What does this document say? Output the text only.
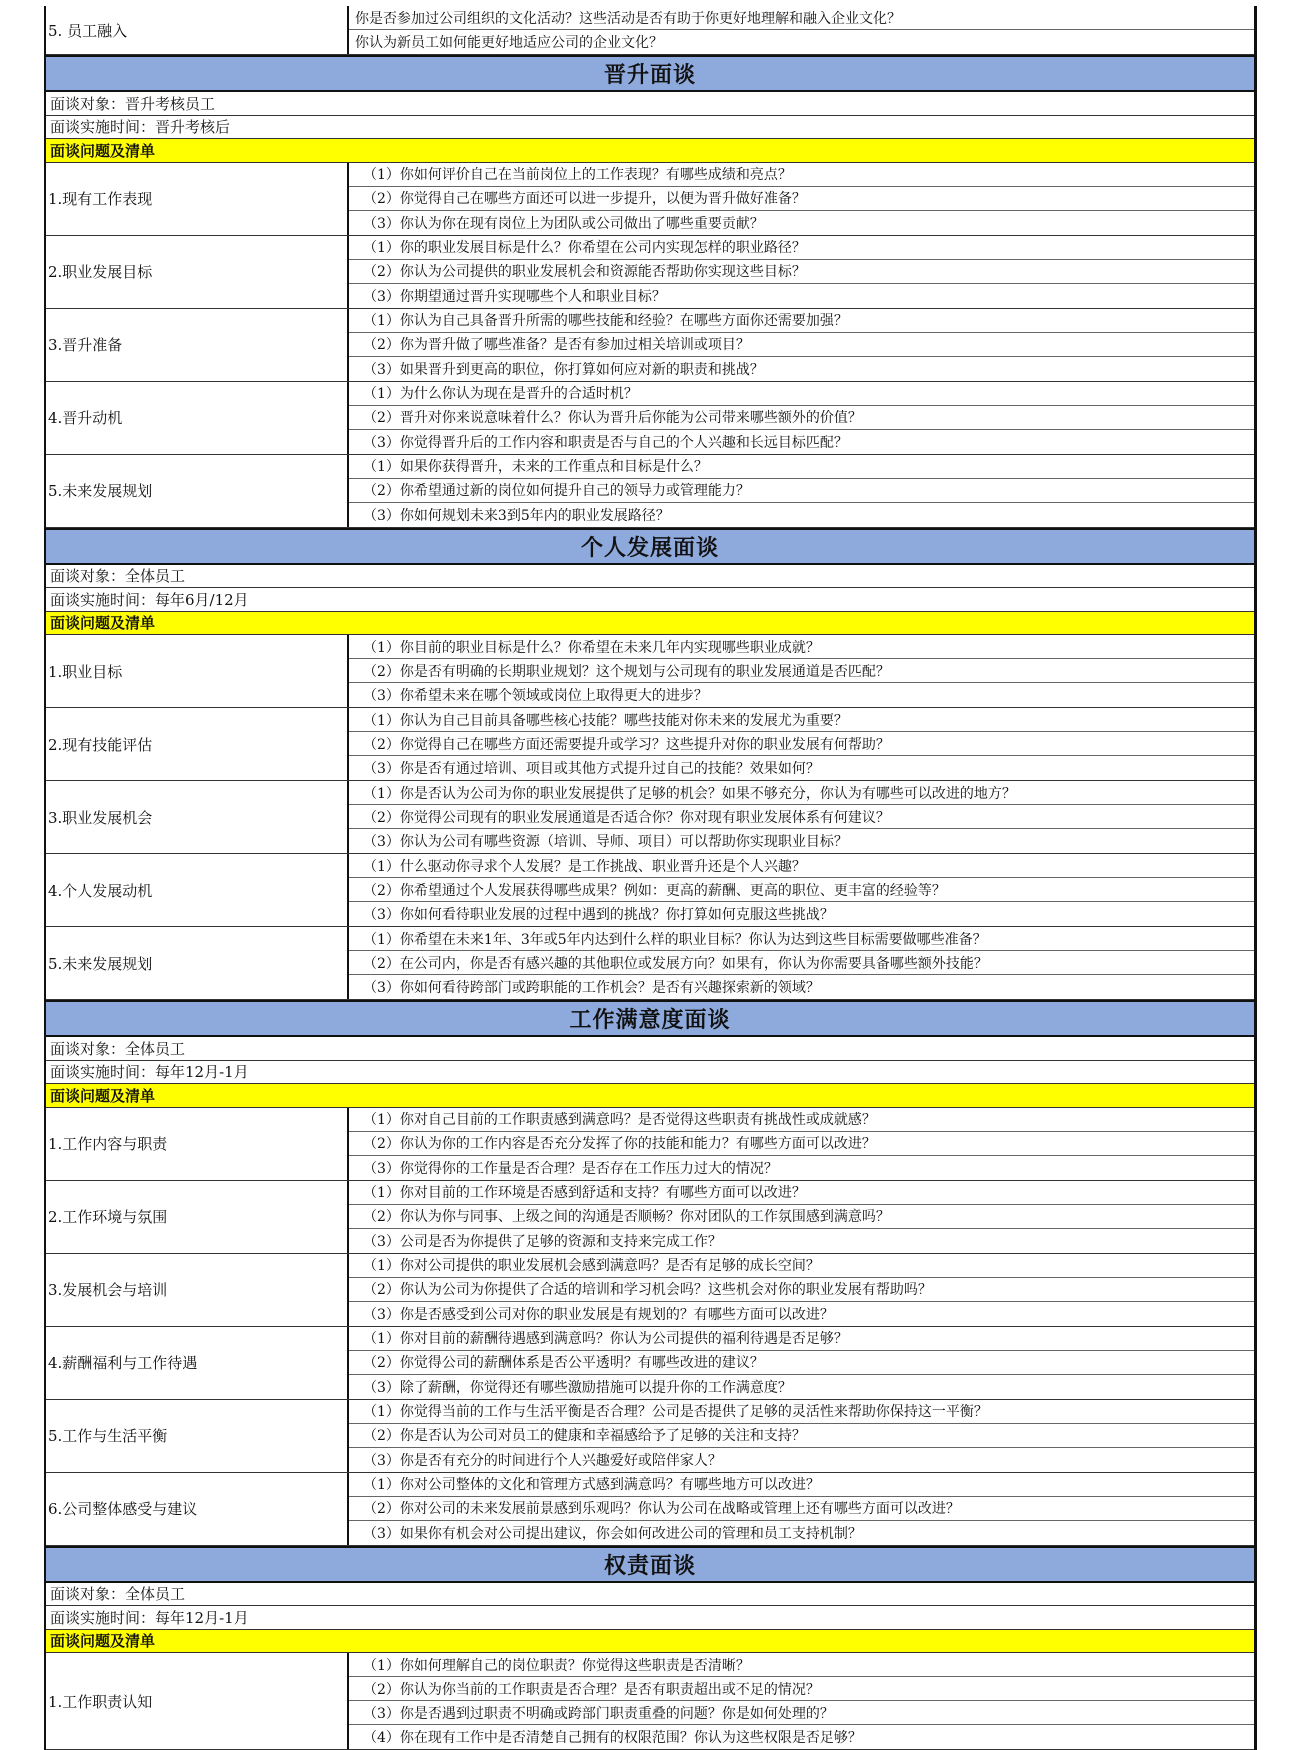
5. 员工融入
你是否参加过公司组织的文化活动？这些活动是否有助于你更好地理解和融入企业文化？
你认为新员工如何能更好地适应公司的企业文化？
晋升面谈
面谈对象：晋升考核员工
面谈实施时间：晋升考核后
面谈问题及清单
1.现有工作表现
（1）你如何评价自己在当前岗位上的工作表现？有哪些成绩和亮点？
（2）你觉得自己在哪些方面还可以进一步提升，以便为晋升做好准备？
（3）你认为你在现有岗位上为团队或公司做出了哪些重要贡献？
2.职业发展目标
（1）你的职业发展目标是什么？你希望在公司内实现怎样的职业路径？
（2）你认为公司提供的职业发展机会和资源能否帮助你实现这些目标？
（3）你期望通过晋升实现哪些个人和职业目标？
3.晋升准备
（1）你认为自己具备晋升所需的哪些技能和经验？在哪些方面你还需要加强？
（2）你为晋升做了哪些准备？是否有参加过相关培训或项目？
（3）如果晋升到更高的职位，你打算如何应对新的职责和挑战？
4.晋升动机
（1）为什么你认为现在是晋升的合适时机？
（2）晋升对你来说意味着什么？你认为晋升后你能为公司带来哪些额外的价值？
（3）你觉得晋升后的工作内容和职责是否与自己的个人兴趣和长远目标匹配？
5.未来发展规划
（1）如果你获得晋升，未来的工作重点和目标是什么？
（2）你希望通过新的岗位如何提升自己的领导力或管理能力？
（3）你如何规划未来3到5年内的职业发展路径？
个人发展面谈
面谈对象：全体员工
面谈实施时间：每年6月/12月
面谈问题及清单
1.职业目标
（1）你目前的职业目标是什么？你希望在未来几年内实现哪些职业成就？
（2）你是否有明确的长期职业规划？这个规划与公司现有的职业发展通道是否匹配？
（3）你希望未来在哪个领域或岗位上取得更大的进步？
2.现有技能评估
（1）你认为自己目前具备哪些核心技能？哪些技能对你未来的发展尤为重要？
（2）你觉得自己在哪些方面还需要提升或学习？这些提升对你的职业发展有何帮助？
（3）你是否有通过培训、项目或其他方式提升过自己的技能？效果如何？
3.职业发展机会
（1）你是否认为公司为你的职业发展提供了足够的机会？如果不够充分，你认为有哪些可以改进的地方？
（2）你觉得公司现有的职业发展通道是否适合你？你对现有职业发展体系有何建议？
（3）你认为公司有哪些资源（培训、导师、项目）可以帮助你实现职业目标？
4.个人发展动机
（1）什么驱动你寻求个人发展？是工作挑战、职业晋升还是个人兴趣？
（2）你希望通过个人发展获得哪些成果？例如：更高的薪酬、更高的职位、更丰富的经验等？
（3）你如何看待职业发展的过程中遇到的挑战？你打算如何克服这些挑战？
5.未来发展规划
（1）你希望在未来1年、3年或5年内达到什么样的职业目标？你认为达到这些目标需要做哪些准备？
（2）在公司内，你是否有感兴趣的其他职位或发展方向？如果有，你认为你需要具备哪些额外技能？
（3）你如何看待跨部门或跨职能的工作机会？是否有兴趣探索新的领域？
工作满意度面谈
面谈对象：全体员工
面谈实施时间：每年12月-1月
面谈问题及清单
1.工作内容与职责
（1）你对自己目前的工作职责感到满意吗？是否觉得这些职责有挑战性或成就感？
（2）你认为你的工作内容是否充分发挥了你的技能和能力？有哪些方面可以改进？
（3）你觉得你的工作量是否合理？是否存在工作压力过大的情况？
2.工作环境与氛围
（1）你对目前的工作环境是否感到舒适和支持？有哪些方面可以改进？
（2）你认为你与同事、上级之间的沟通是否顺畅？你对团队的工作氛围感到满意吗？
（3）公司是否为你提供了足够的资源和支持来完成工作？
3.发展机会与培训
（1）你对公司提供的职业发展机会感到满意吗？是否有足够的成长空间？
（2）你认为公司为你提供了合适的培训和学习机会吗？这些机会对你的职业发展有帮助吗？
（3）你是否感受到公司对你的职业发展是有规划的？有哪些方面可以改进？
4.薪酬福利与工作待遇
（1）你对目前的薪酬待遇感到满意吗？你认为公司提供的福利待遇是否足够？
（2）你觉得公司的薪酬体系是否公平透明？有哪些改进的建议？
（3）除了薪酬，你觉得还有哪些激励措施可以提升你的工作满意度？
5.工作与生活平衡
（1）你觉得当前的工作与生活平衡是否合理？公司是否提供了足够的灵活性来帮助你保持这一平衡？
（2）你是否认为公司对员工的健康和幸福感给予了足够的关注和支持？
（3）你是否有充分的时间进行个人兴趣爱好或陪伴家人？
6.公司整体感受与建议
（1）你对公司整体的文化和管理方式感到满意吗？有哪些地方可以改进？
（2）你对公司的未来发展前景感到乐观吗？你认为公司在战略或管理上还有哪些方面可以改进？
（3）如果你有机会对公司提出建议，你会如何改进公司的管理和员工支持机制？
权责面谈
面谈对象：全体员工
面谈实施时间：每年12月-1月
面谈问题及清单
1.工作职责认知
（1）你如何理解自己的岗位职责？你觉得这些职责是否清晰？
（2）你认为你当前的工作职责是否合理？是否有职责超出或不足的情况？
（3）你是否遇到过职责不明确或跨部门职责重叠的问题？你是如何处理的？
（4）你在现有工作中是否清楚自己拥有的权限范围？你认为这些权限是否足够？
